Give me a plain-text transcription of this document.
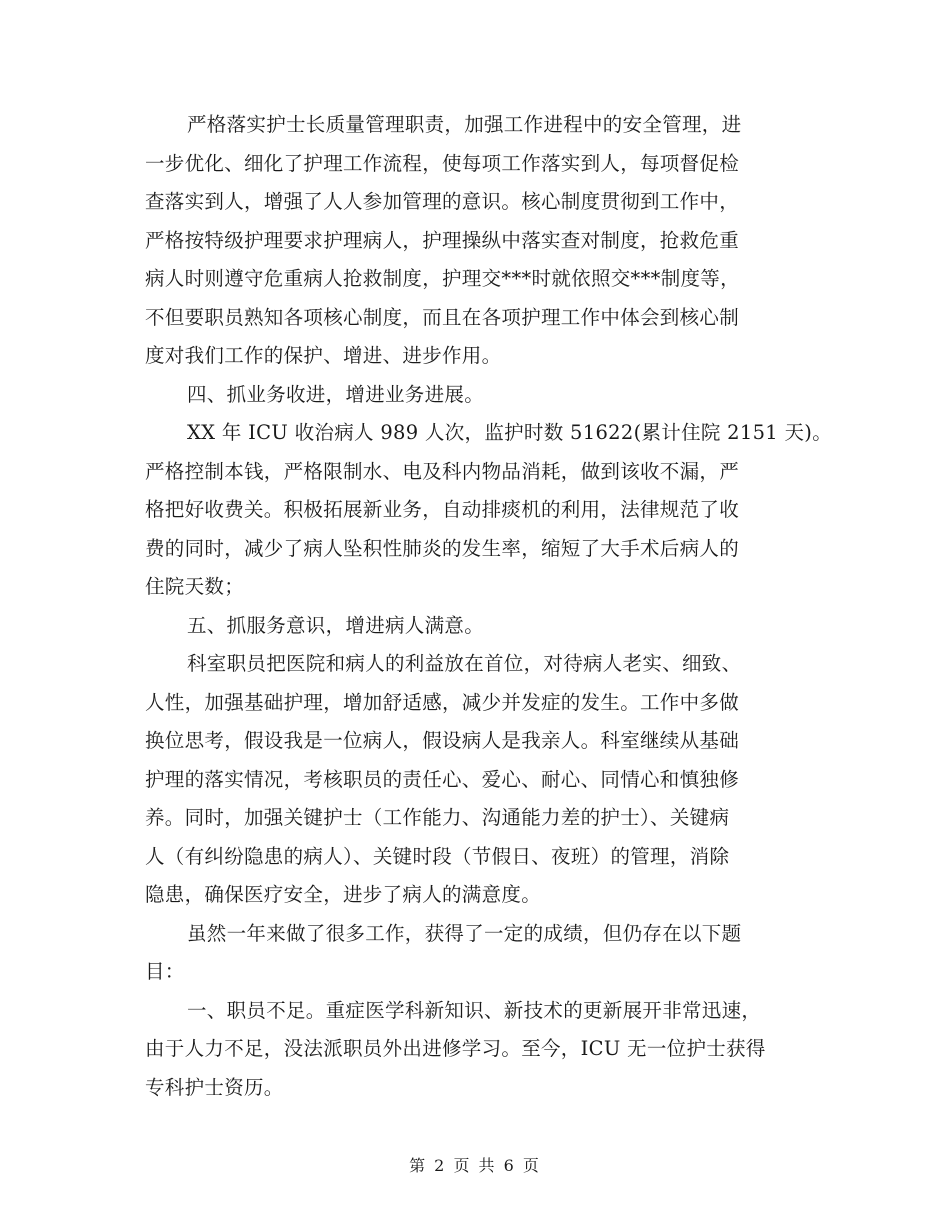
严格落实护士长质量管理职责，加强工作进程中的安全管理，进
一步优化、细化了护理工作流程，使每项工作落实到人，每项督促检
查落实到人，增强了人人参加管理的意识。核心制度贯彻到工作中，
严格按特级护理要求护理病人，护理操纵中落实查对制度，抢救危重
病人时则遵守危重病人抢救制度，护理交***时就依照交***制度等，
不但要职员熟知各项核心制度，而且在各项护理工作中体会到核心制
度对我们工作的保护、增进、进步作用。
四、抓业务收进，增进业务进展。
XX 年 ICU 收治病人 989 人次，监护时数 51622(累计住院 2151 天)。
严格控制本钱，严格限制水、电及科内物品消耗，做到该收不漏，严
格把好收费关。积极拓展新业务，自动排痰机的利用，法律规范了收
费的同时，减少了病人坠积性肺炎的发生率，缩短了大手术后病人的
住院天数；
五、抓服务意识，增进病人满意。
科室职员把医院和病人的利益放在首位，对待病人老实、细致、
人性，加强基础护理，增加舒适感，减少并发症的发生。工作中多做
换位思考，假设我是一位病人，假设病人是我亲人。科室继续从基础
护理的落实情况，考核职员的责任心、爱心、耐心、同情心和慎独修
养。同时，加强关键护士（工作能力、沟通能力差的护士）、关键病
人（有纠纷隐患的病人）、关键时段（节假日、夜班）的管理，消除
隐患，确保医疗安全，进步了病人的满意度。
虽然一年来做了很多工作，获得了一定的成绩，但仍存在以下题
目：
一、职员不足。重症医学科新知识、新技术的更新展开非常迅速，
由于人力不足，没法派职员外出进修学习。至今，ICU 无一位护士获得
专科护士资历。
第 2 页 共 6 页
